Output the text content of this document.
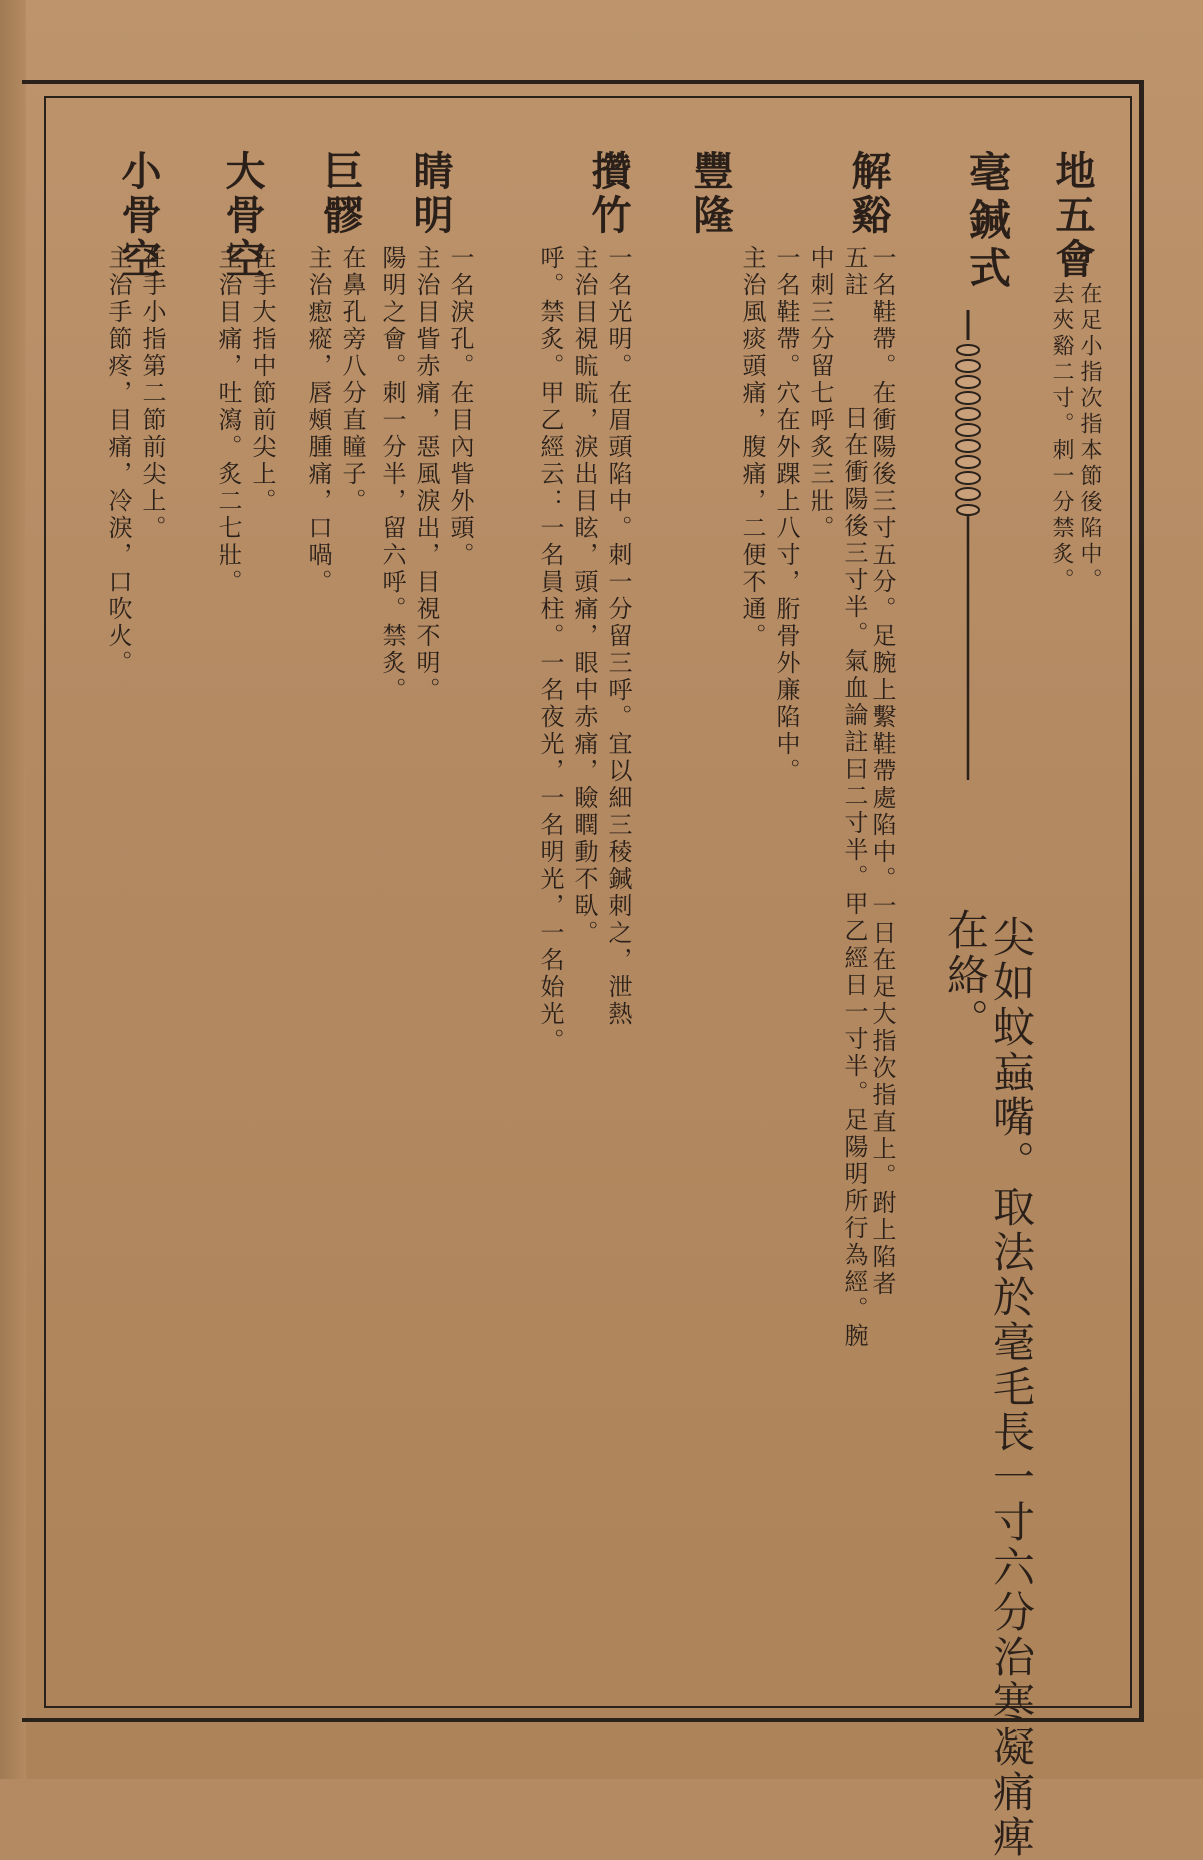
地五會
在足小指次指本節後陷中。
去夾谿二寸。刺一分禁炙。
毫鍼式
尖如蚊蝱嘴。取法於毫毛長一寸六分治寒凝痛痺
在絡。
解谿
一名鞋帶。在衝陽後三寸五分。足腕上繫鞋帶處陷中。一日在足大指次指直上。跗上陷者
日在衝陽後三寸半。氣血論註曰二寸半。甲乙經日一寸半。足陽明所行為經。腕
五註
豐隆
中刺三分留七呼炙三壯。
一名鞋帶。穴在外踝上八寸，胻骨外廉陷中。
主治風痰頭痛，腹痛，二便不通。
攢竹
一名光明。在眉頭陷中。刺一分留三呼。宜以細三稜鍼刺之，泄熱
主治目視䀮䀮，淚出目眩，頭痛，眼中赤痛，瞼瞤動不臥。
呼。禁炙。甲乙經云：一名員柱。一名夜光，一名明光，一名始光。
睛明
一名淚孔。在目內眥外頭。
主治目眥赤痛，惡風淚出，目視不明。
陽明之會。刺一分半，留六呼。禁炙。
巨髎
在鼻孔旁八分直瞳子。
主治瘛瘲，唇頰腫痛，口喎。
大骨空
在手大指中節前尖上。
主治目痛，吐瀉。炙二七壯。
小骨空
在手小指第二節前尖上。
主治手節疼，目痛，冷淚，口吹火。
